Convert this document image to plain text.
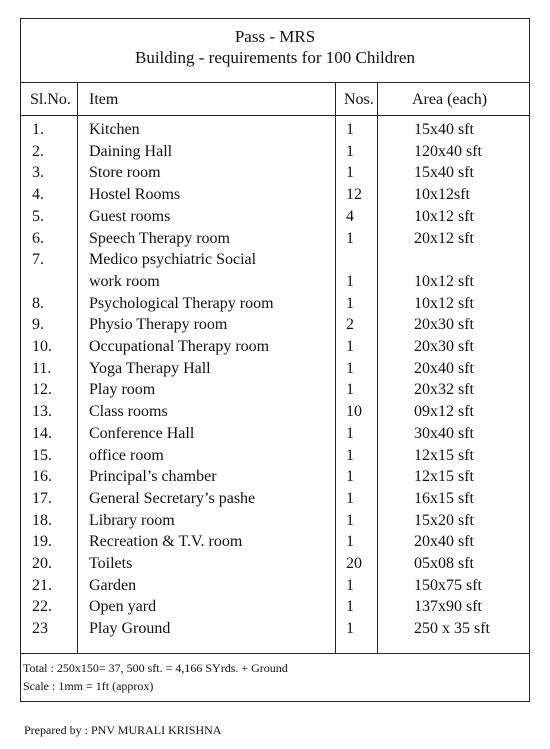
Pass - MRS
Building - requirements for 100 Children
Sl.No. Item	Nos. Area (each)
1.	Kitchen	1	15x40 sft
2.	Daining Hall	1	120x40 sft
3.	Store room	1	15x40 sft
4.	Hostel Rooms	12	10x12sft
5.	Guest rooms	4	10x12 sft
6.	Speech Therapy room	1	20x12 sft
7.	Medico psychiatric Social
work room	1	10x12 sft
8.	Psychological Therapy room	1	10x12 sft
9.	Physio Therapy room	2	20x30 sft
10. Occupational Therapy room	1	20x30 sft
11. Yoga Therapy Hall	1	20x40 sft
12. Play room	1	20x32 sft
13. Class rooms	10	09x12 sft
14. Conference Hall	1	30x40 sft
15. office room	1	12x15 sft
16. Principal’s chamber	1	12x15 sft
17. General Secretary’s pashe	1	16x15 sft
18. Library room	1	15x20 sft
19. Recreation & T.V. room	1	20x40 sft
20. Toilets	20	05x08 sft
21. Garden	1	150x75 sft
22. Open yard	1	137x90 sft
23	Play Ground	1	250 x 35 sft
Total : 250x150= 37, 500 sft. = 4,166 SYrds. + Ground
Scale : 1mm = 1ft (approx)
Prepared by : PNV MURALI KRISHNA
